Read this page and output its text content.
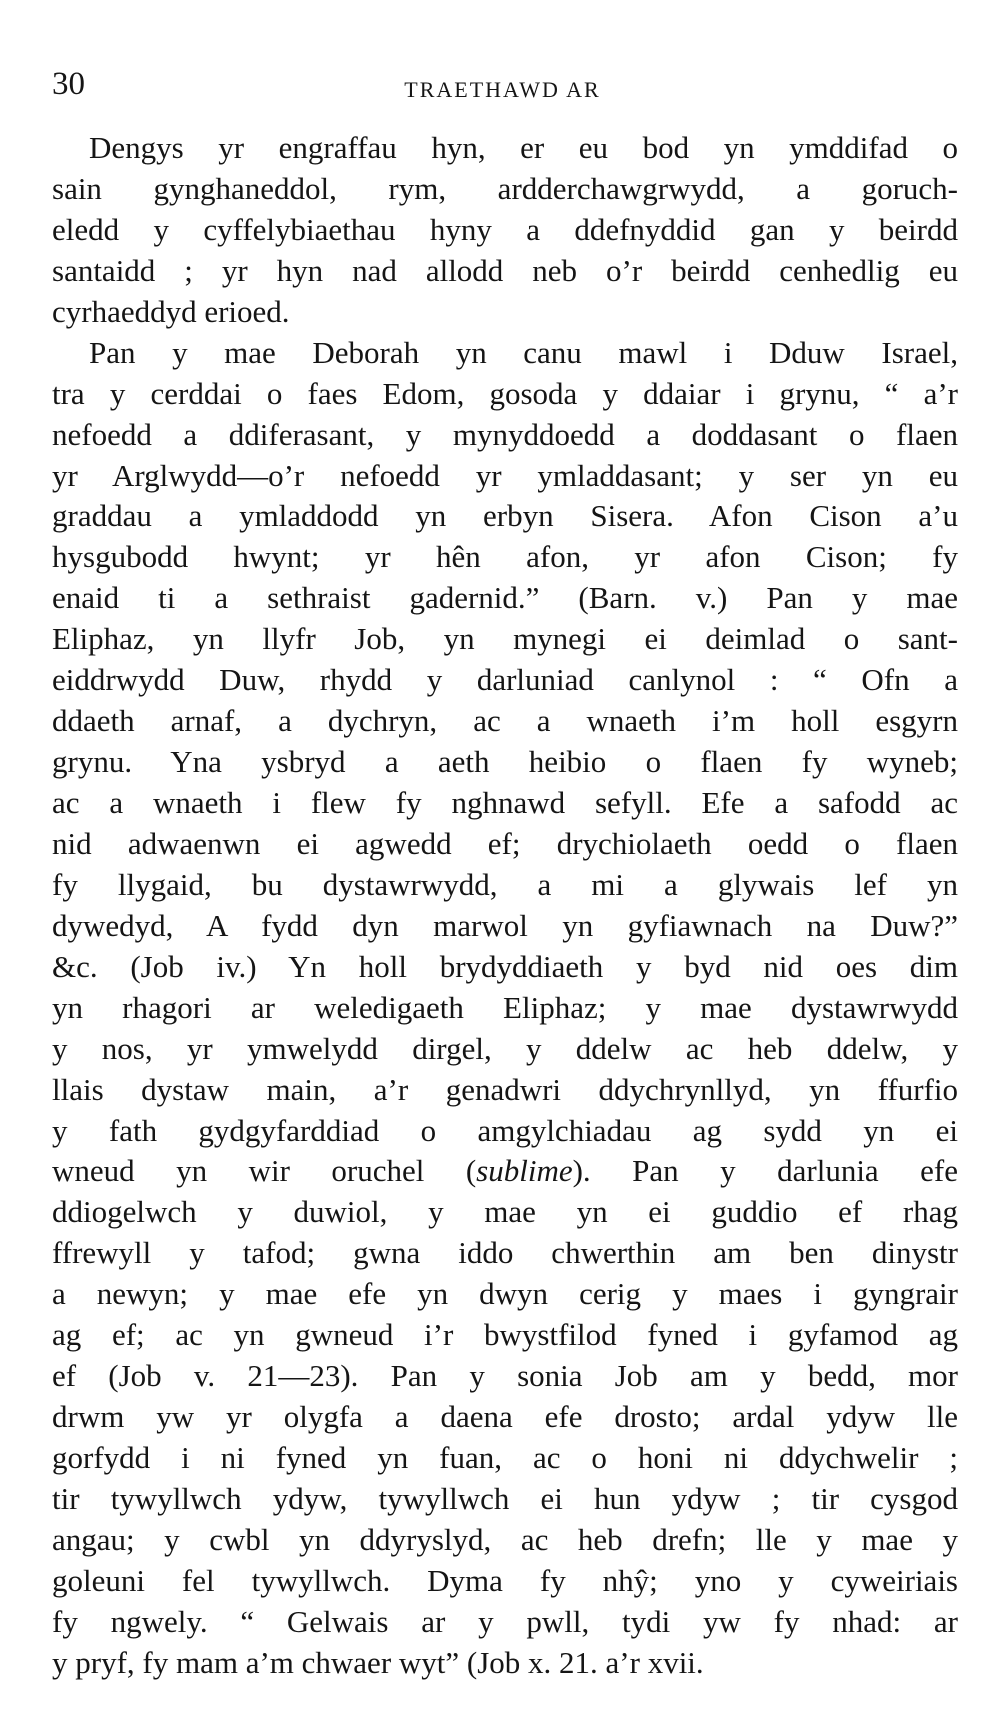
30	TRAETHAWD AR
Dengys yr engraffau hyn, er eu bod yn ymddifad o
sain gynghaneddol, rym, ardderchawgrwydd, a goruch-
eledd y cyffelybiaethau hyny a ddefnyddid gan y beirdd
santaidd ; yr hyn nad allodd neb o’r beirdd cenhedlig eu
cyrhaeddyd erioed.
Pan y mae Deborah yn canu mawl i Dduw Israel,
tra y cerddai o faes Edom, gosoda y ddaiar i grynu, “ a’r
nefoedd a ddiferasant, y mynyddoedd a doddasant o flaen
yr Arglwydd—o’r nefoedd yr ymladdasant; y ser yn eu
graddau a ymladdodd yn erbyn Sisera. Afon Cison a’u
hysgubodd hwynt; yr hên afon, yr afon Cison; fy
enaid ti a sethraist gadernid.” (Barn. v.) Pan y mae
Eliphaz, yn llyfr Job, yn mynegi ei deimlad o sant-
eiddrwydd Duw, rhydd y darluniad canlynol : “ Ofn a
ddaeth arnaf, a dychryn, ac a wnaeth i’m holl esgyrn
grynu. Yna ysbryd a aeth heibio o flaen fy wyneb;
ac a wnaeth i flew fy nghnawd sefyll. Efe a safodd ac
nid adwaenwn ei agwedd ef; drychiolaeth oedd o flaen
fy llygaid, bu dystawrwydd, a mi a glywais lef yn
dywedyd, A fydd dyn marwol yn gyfiawnach na Duw?”
&c. (Job iv.) Yn holl brydyddiaeth y byd nid oes dim
yn rhagori ar weledigaeth Eliphaz; y mae dystawrwydd
y nos, yr ymwelydd dirgel, y ddelw ac heb ddelw, y
llais dystaw main, a’r genadwri ddychrynllyd, yn ffurfio
y fath gydgyfarddiad o amgylchiadau ag sydd yn ei
wneud yn wir oruchel (sublime). Pan y darlunia efe
ddiogelwch y duwiol, y mae yn ei guddio ef rhag
ffrewyll y tafod; gwna iddo chwerthin am ben dinystr
a newyn; y mae efe yn dwyn cerig y maes i gyngrair
ag ef; ac yn gwneud i’r bwystfilod fyned i gyfamod ag
ef (Job v. 21—23). Pan y sonia Job am y bedd, mor
drwm yw yr olygfa a daena efe drosto; ardal ydyw lle
gorfydd i ni fyned yn fuan, ac o honi ni ddychwelir ;
tir tywyllwch ydyw, tywyllwch ei hun ydyw ; tir cysgod
angau; y cwbl yn ddyryslyd, ac heb drefn; lle y mae y
goleuni fel tywyllwch. Dyma fy nhŷ; yno y cyweiriais
fy ngwely. “ Gelwais ar y pwll, tydi yw fy nhad: ar
y pryf, fy mam a’m chwaer wyt” (Job x. 21. a’r xvii.
